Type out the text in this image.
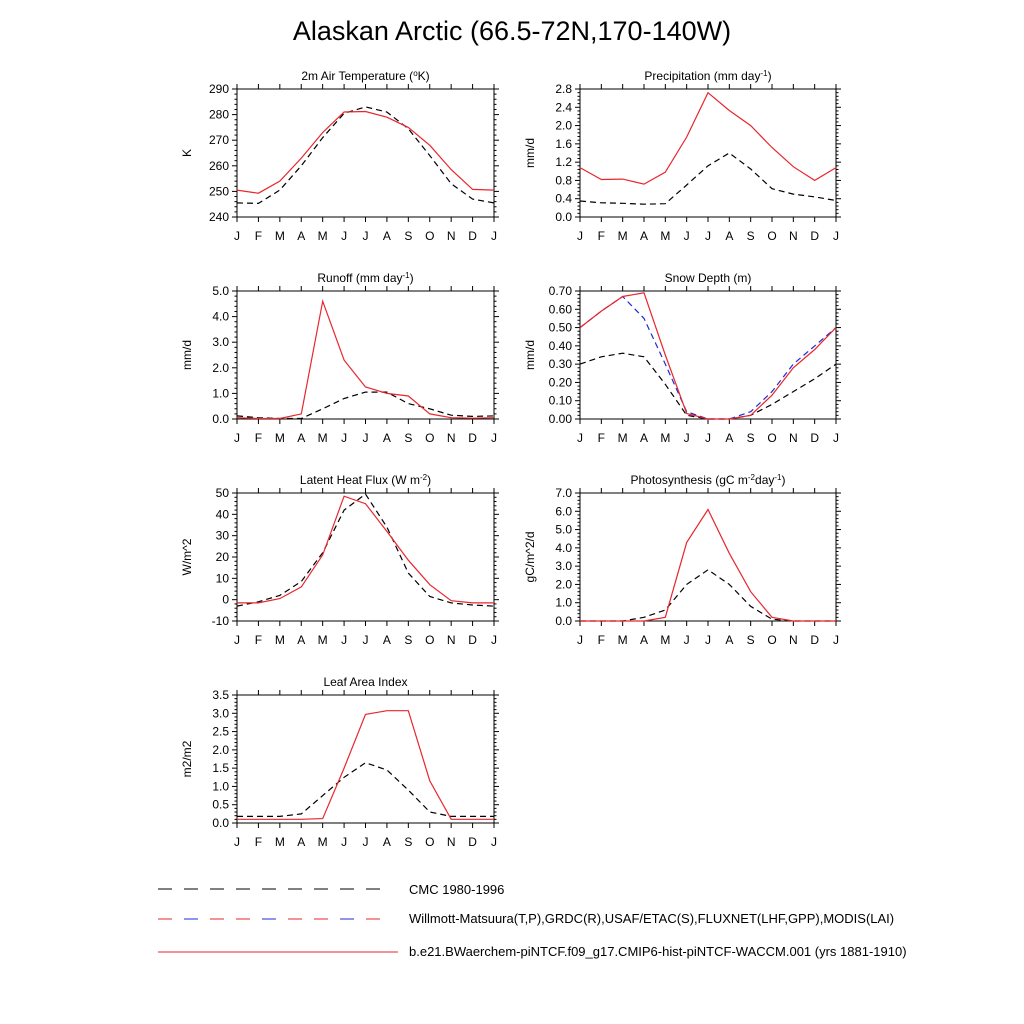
Alaskan Arctic (66.5-72N,170-140W)
2m Air Temperature ($^o$K)
240
250
260
270
280
290
J F M A M J J A S O N D J
K
Precipitation (mm day$^{-1}$)
0.0
0.4
0.8
1.2
1.6
2.0
2.4
2.8
J F M A M J J A S O N D J
mm/d
Runoff (mm day$^{-1}$)
0.0
1.0
2.0
3.0
4.0
5.0
J F M A M J J A S O N D J
mm/d
Snow Depth (m)
0.00
0.10
0.20
0.30
0.40
0.50
0.60
0.70
J F M A M J J A S O N D J
mm/d
Latent Heat Flux (W $m^{-2}$)
-10
0
10
20
30
40
50
J F M A M J J A S O N D J
W/m^2
Photosynthesis (gC $m^{-2}day^{-1}$)
0.0
1.0
2.0
3.0
4.0
5.0
6.0
7.0
J F M A M J J A S O N D J
gC/m^2/d
Leaf Area Index
0.0
0.5
1.0
1.5
2.0
2.5
3.0
3.5
J F M A M J J A S O N D J
m2/m2
CMC 1980-1996
Willmott-Matsuura(T,P),GRDC(R),USAF/ETAC(S),FLUXNET(LHF,GPP),MODIS(LAI)
b.e21.BWaerchem-piNTCF.f09_g17.CMIP6-hist-piNTCF-WACCM.001 (yrs 1881-1910)
